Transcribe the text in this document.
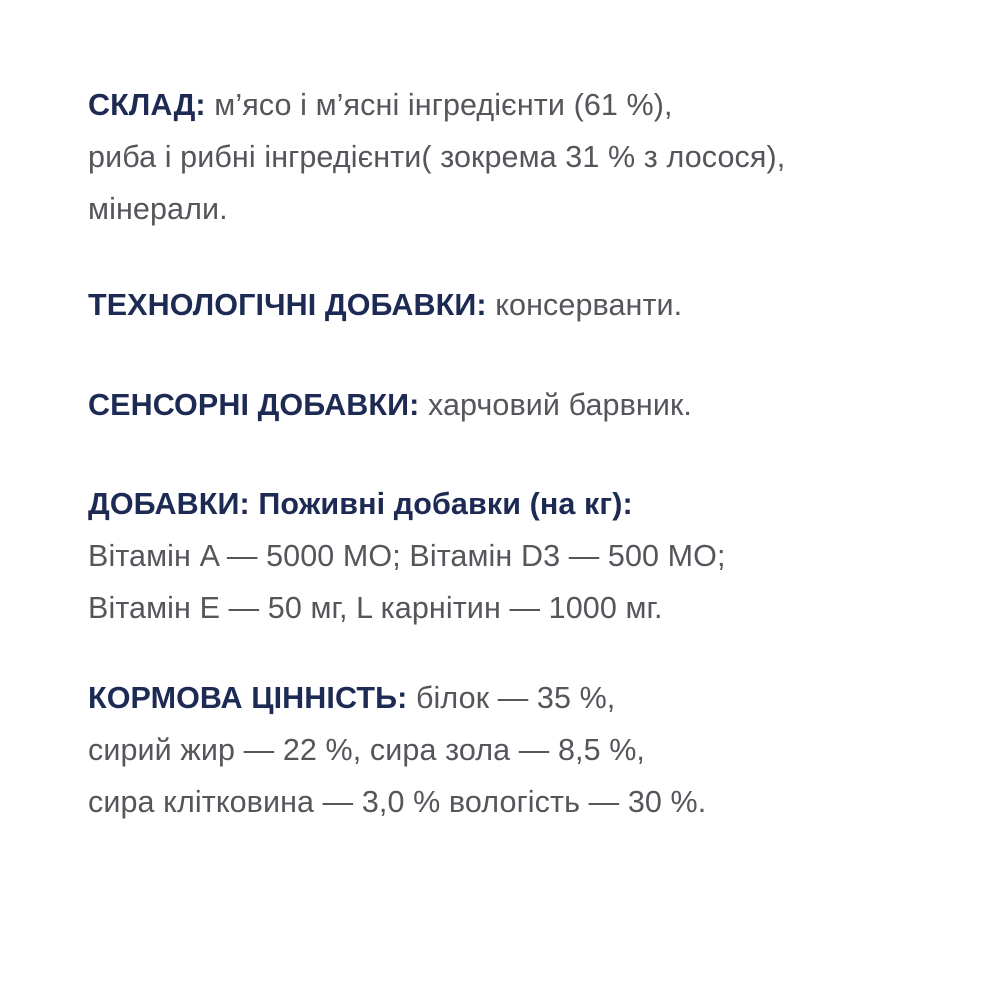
СКЛАД: м’ясо і м’ясні інгредієнти (61 %),
риба і рибні інгредієнти( зокрема 31 % з лосося),
мінерали.

ТЕХНОЛОГІЧНІ ДОБАВКИ: консерванти.

СЕНСОРНІ ДОБАВКИ: харчовий барвник.

ДОБАВКИ: Поживні добавки (на кг):
Вітамін A — 5000 МО; Вітамін D3 — 500 МО;
Вітамін E — 50 мг, L карнітин — 1000 мг.

КОРМОВА ЦІННІСТЬ: білок — 35 %,
сирий жир — 22 %, сира зола — 8,5 %,
сира клітковина — 3,0 % вологість — 30 %.
